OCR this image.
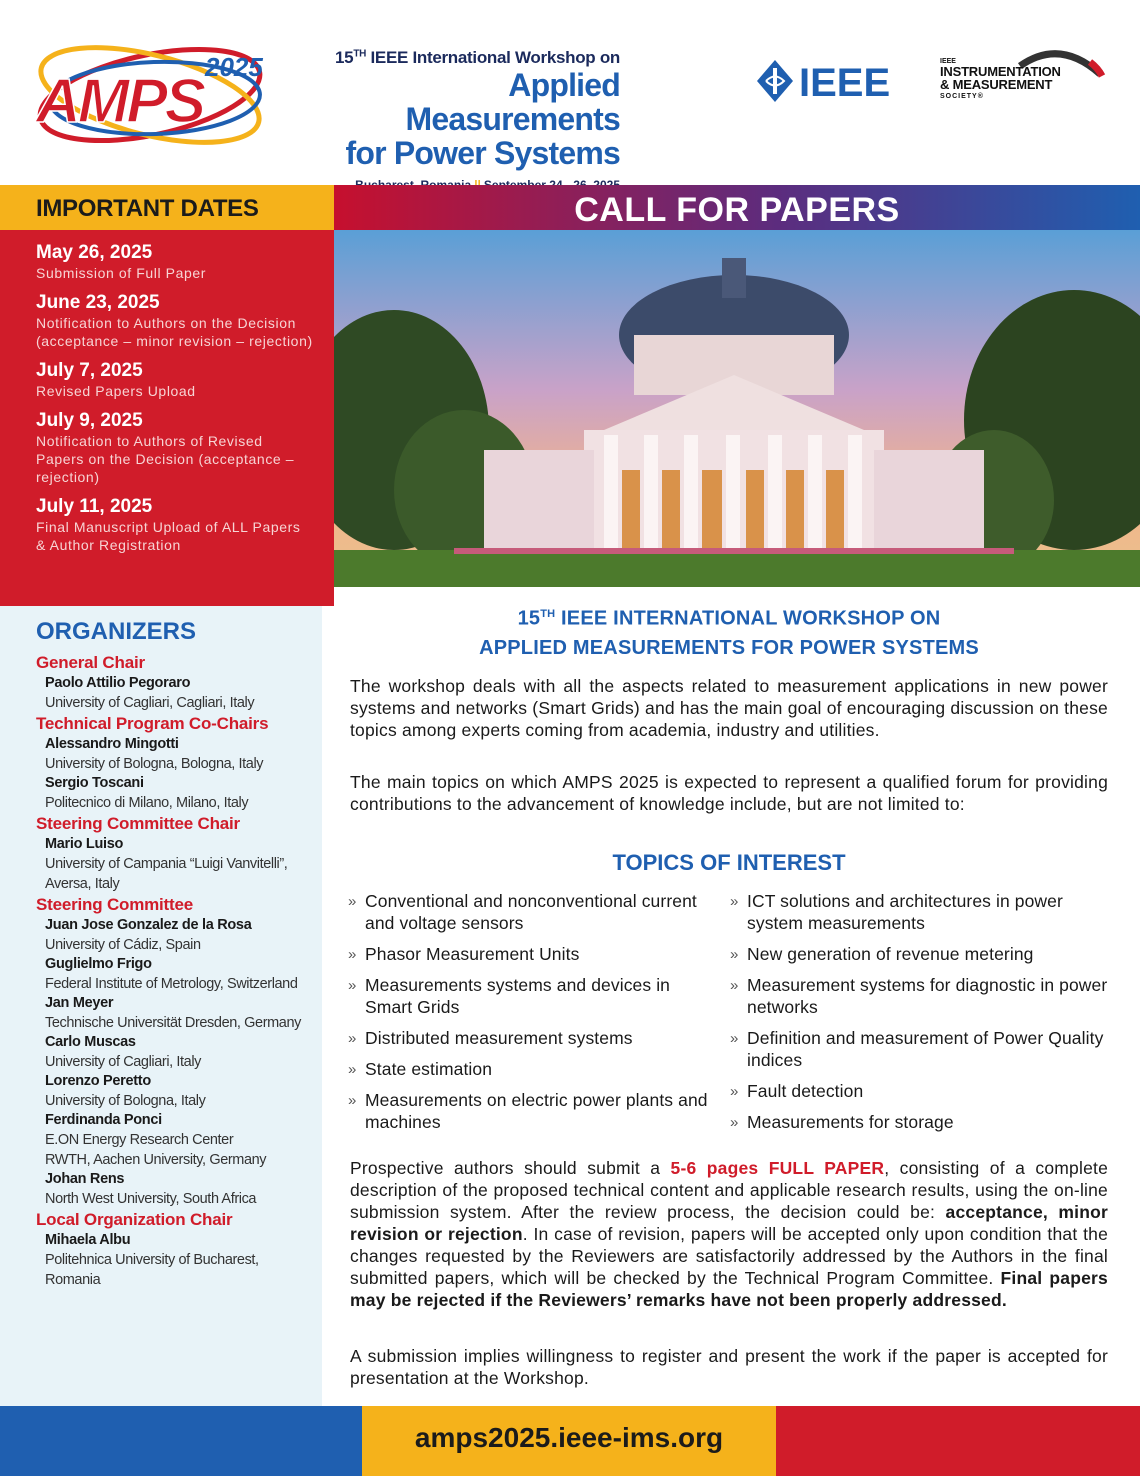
2025
AMPS
15TH IEEE International Workshop on
Applied Measurements
for Power Systems
IEEE	IEEE
INSTRUMENTATION
& MEASUREMENT
SOCIETY®
IMPORTANT DATES
May 26, 2025
Submission of Full Paper
June 23, 2025
Notification to Authors on the Decision (acceptance – minor revision – rejection)
July 7, 2025
Revised Papers Upload
July 9, 2025
Notification to Authors of Revised Papers on the Decision (acceptance – rejection)
July 11, 2025
Final Manuscript Upload of ALL Papers & Author Registration
ORGANIZERS
General Chair
Paolo Attilio Pegoraro
University of Cagliari, Cagliari, Italy
Technical Program Co-Chairs
Alessandro Mingotti
University of Bologna, Bologna, Italy
Sergio Toscani
Politecnico di Milano, Milano, Italy
Steering Committee Chair
Mario Luiso
University of Campania “Luigi Vanvitelli”, Aversa, Italy
Steering Committee
Juan Jose Gonzalez de la Rosa
University of Cádiz, Spain
Guglielmo Frigo
Federal Institute of Metrology, Switzerland
Jan Meyer
Technische Universität Dresden, Germany
Carlo Muscas
University of Cagliari, Italy
Lorenzo Peretto
University of Bologna, Italy
Ferdinanda Ponci
E.ON Energy Research Center
RWTH, Aachen University, Germany
Johan Rens
North West University, South Africa
Local Organization Chair
Mihaela Albu
Politehnica University of Bucharest, Romania
CALL FOR PAPERS
15TH IEEE INTERNATIONAL WORKSHOP ON
APPLIED MEASUREMENTS FOR POWER SYSTEMS

The workshop deals with all the aspects related to measurement applications in new power systems and networks (Smart Grids) and has the main goal of encouraging discussion on these topics among experts coming from academia, industry and utilities.

The main topics on which AMPS 2025 is expected to represent a qualified forum for providing contributions to the advancement of knowledge include, but are not limited to:

TOPICS OF INTEREST
» Conventional and nonconventional current and voltage sensors
» Phasor Measurement Units
» Measurements systems and devices in Smart Grids
» Distributed measurement systems
» State estimation
» Measurements on electric power plants and machines
» ICT solutions and architectures in power system measurements
» New generation of revenue metering
» Measurement systems for diagnostic in power networks
» Definition and measurement of Power Quality indices
» Fault detection
» Measurements for storage

Prospective authors should submit a 5-6 pages FULL PAPER, consisting of a complete description of the proposed technical content and applicable research results, using the on-line submission system. After the review process, the decision could be: acceptance, minor revision or rejection. In case of revision, papers will be accepted only upon condition that the changes requested by the Reviewers are satisfactorily addressed by the Authors in the final submitted papers, which will be checked by the Technical Program Committee. Final papers may be rejected if the Reviewers’ remarks have not been properly addressed.

A submission implies willingness to register and present the work if the paper is accepted for presentation at the Workshop.

amps2025.ieee-ims.org
